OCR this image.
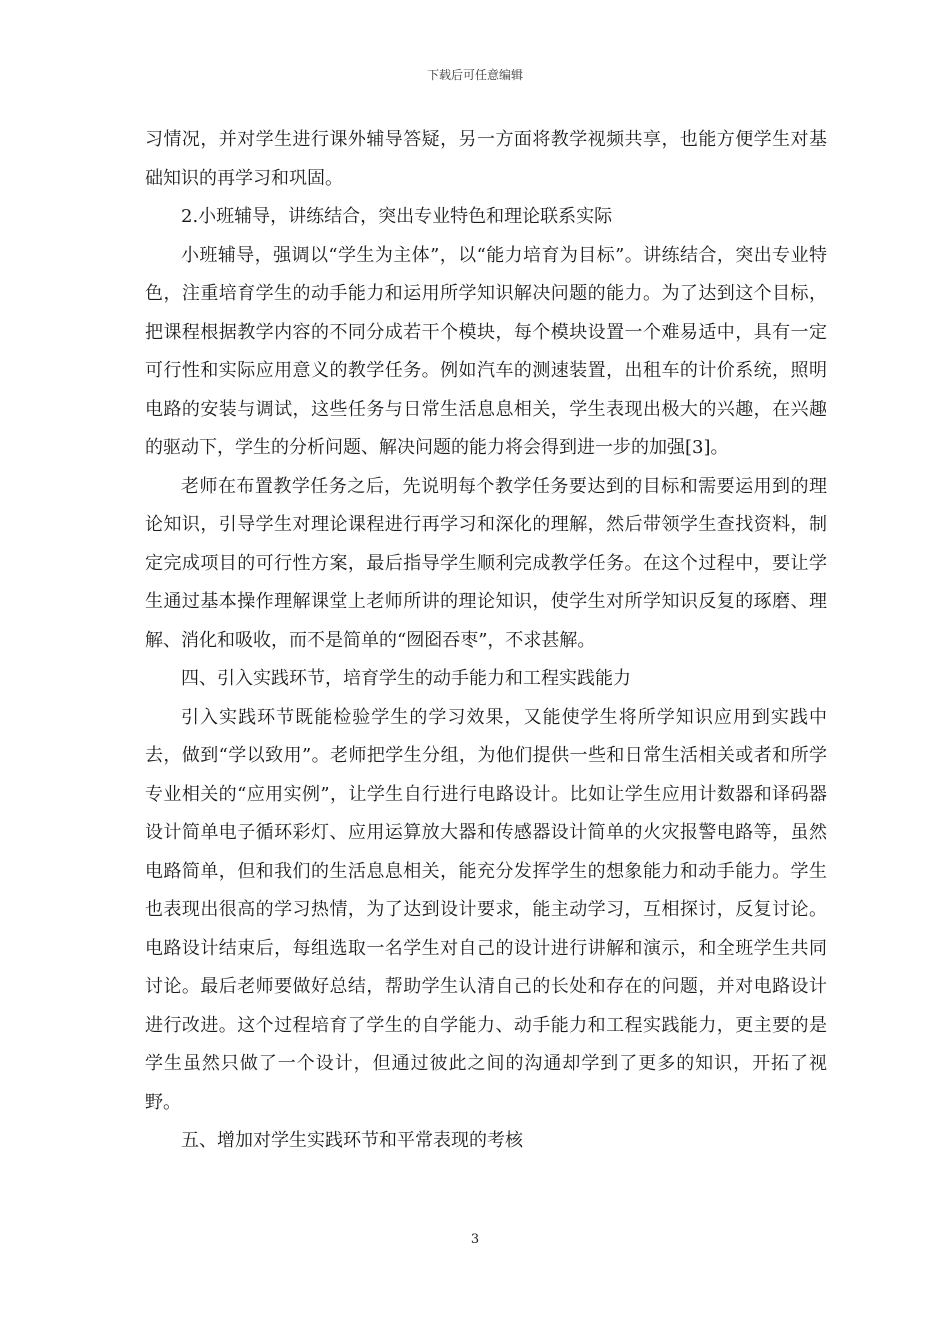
下载后可任意编辑

习情况，并对学生进行课外辅导答疑，另一方面将教学视频共享，也能方便学生对基础知识的再学习和巩固。

2.小班辅导，讲练结合，突出专业特色和理论联系实际

小班辅导，强调以“学生为主体”，以“能力培育为目标”。讲练结合，突出专业特色，注重培育学生的动手能力和运用所学知识解决问题的能力。为了达到这个目标，把课程根据教学内容的不同分成若干个模块，每个模块设置一个难易适中，具有一定可行性和实际应用意义的教学任务。例如汽车的测速装置，出租车的计价系统，照明电路的安装与调试，这些任务与日常生活息息相关，学生表现出极大的兴趣，在兴趣的驱动下，学生的分析问题、解决问题的能力将会得到进一步的加强[3]。

老师在布置教学任务之后，先说明每个教学任务要达到的目标和需要运用到的理论知识，引导学生对理论课程进行再学习和深化的理解，然后带领学生查找资料，制定完成项目的可行性方案，最后指导学生顺利完成教学任务。在这个过程中，要让学生通过基本操作理解课堂上老师所讲的理论知识，使学生对所学知识反复的琢磨、理解、消化和吸收，而不是简单的“囫囵吞枣”，不求甚解。

四、引入实践环节，培育学生的动手能力和工程实践能力

引入实践环节既能检验学生的学习效果，又能使学生将所学知识应用到实践中去，做到“学以致用”。老师把学生分组，为他们提供一些和日常生活相关或者和所学专业相关的“应用实例”，让学生自行进行电路设计。比如让学生应用计数器和译码器设计简单电子循环彩灯、应用运算放大器和传感器设计简单的火灾报警电路等，虽然电路简单，但和我们的生活息息相关，能充分发挥学生的想象能力和动手能力。学生也表现出很高的学习热情，为了达到设计要求，能主动学习，互相探讨，反复讨论。电路设计结束后，每组选取一名学生对自己的设计进行讲解和演示，和全班学生共同讨论。最后老师要做好总结，帮助学生认清自己的长处和存在的问题，并对电路设计进行改进。这个过程培育了学生的自学能力、动手能力和工程实践能力，更主要的是学生虽然只做了一个设计，但通过彼此之间的沟通却学到了更多的知识，开拓了视野。

五、增加对学生实践环节和平常表现的考核

3
